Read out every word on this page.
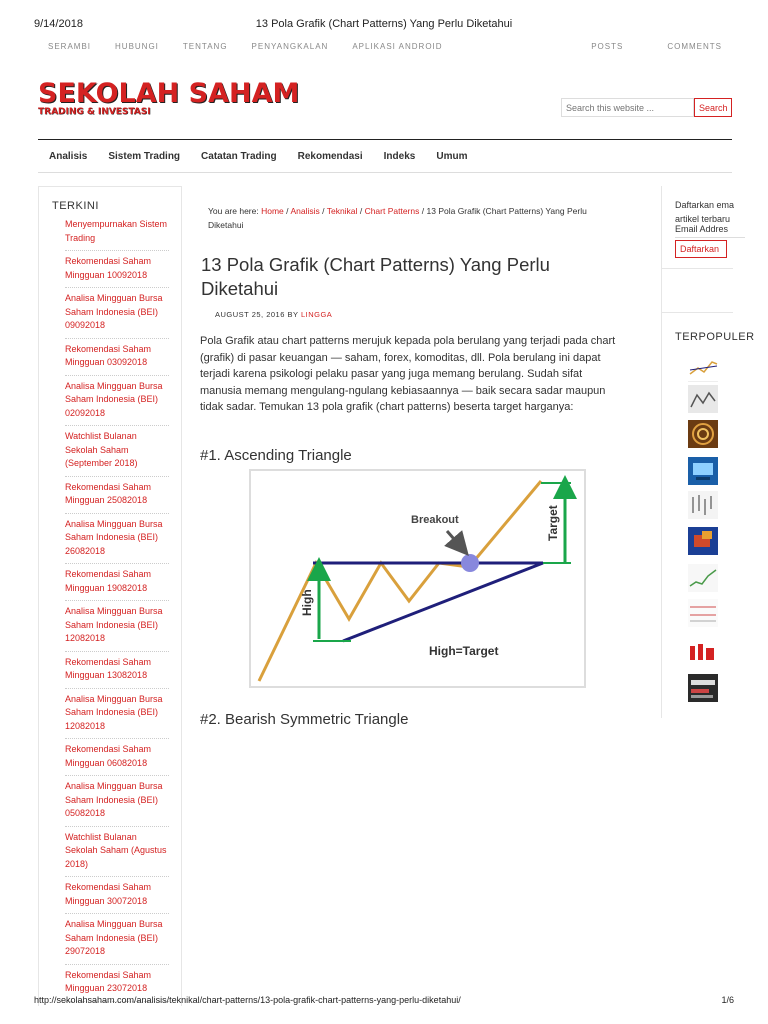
9/14/2018	13 Pola Grafik (Chart Patterns) Yang Perlu Diketahui
SERAMBI	HUBUNGI	TENTANG	PENYANGKALAN	APLIKASI ANDROID	POSTS	COMMENTS
SEKOLAH SAHAM
TRADING & INVESTASI
Search this website ...	Search
Analisis Sistem Trading Catatan Trading Rekomendasi Indeks Umum
TERKINI
Menyempurnakan Sistem Trading
Rekomendasi Saham Mingguan 10092018
Analisa Mingguan Bursa Saham Indonesia (BEI) 09092018
Rekomendasi Saham Mingguan 03092018
Analisa Mingguan Bursa Saham Indonesia (BEI) 02092018
Watchlist Bulanan Sekolah Saham (September 2018)
Rekomendasi Saham Mingguan 25082018
Analisa Mingguan Bursa Saham Indonesia (BEI) 26082018
Rekomendasi Saham Mingguan 19082018
Analisa Mingguan Bursa Saham Indonesia (BEI) 12082018
Rekomendasi Saham Mingguan 13082018
Analisa Mingguan Bursa Saham Indonesia (BEI) 12082018
Rekomendasi Saham Mingguan 06082018
Analisa Mingguan Bursa Saham Indonesia (BEI) 05082018
Watchlist Bulanan Sekolah Saham (Agustus 2018)
Rekomendasi Saham Mingguan 30072018
Analisa Mingguan Bursa Saham Indonesia (BEI) 29072018
Rekomendasi Saham Mingguan 23072018
You are here: Home / Analisis / Teknikal / Chart Patterns / 13 Pola Grafik (Chart Patterns) Yang Perlu Diketahui
13 Pola Grafik (Chart Patterns) Yang Perlu Diketahui
AUGUST 25, 2016 BY LINGGA

Pola Grafik atau chart patterns merujuk kepada pola berulang yang terjadi pada chart (grafik) di pasar keuangan — saham, forex, komoditas, dll. Pola berulang ini dapat terjadi karena psikologi pelaku pasar yang juga memang berulang. Sudah sifat manusia memang mengulang-ngulang kebiasaannya — baik secara sadar maupun tidak sadar. Temukan 13 pola grafik (chart patterns) beserta target harganya:

#1. Ascending Triangle
Breakout	Target
High
High=Target
#2. Bearish Symmetric Triangle
Daftarkan ema
artikel terbaru
Email Addres
Daftarkan
TERPOPULER
http://sekolahsaham.com/analisis/teknikal/chart-patterns/13-pola-grafik-chart-patterns-yang-perlu-diketahui/	1/6
